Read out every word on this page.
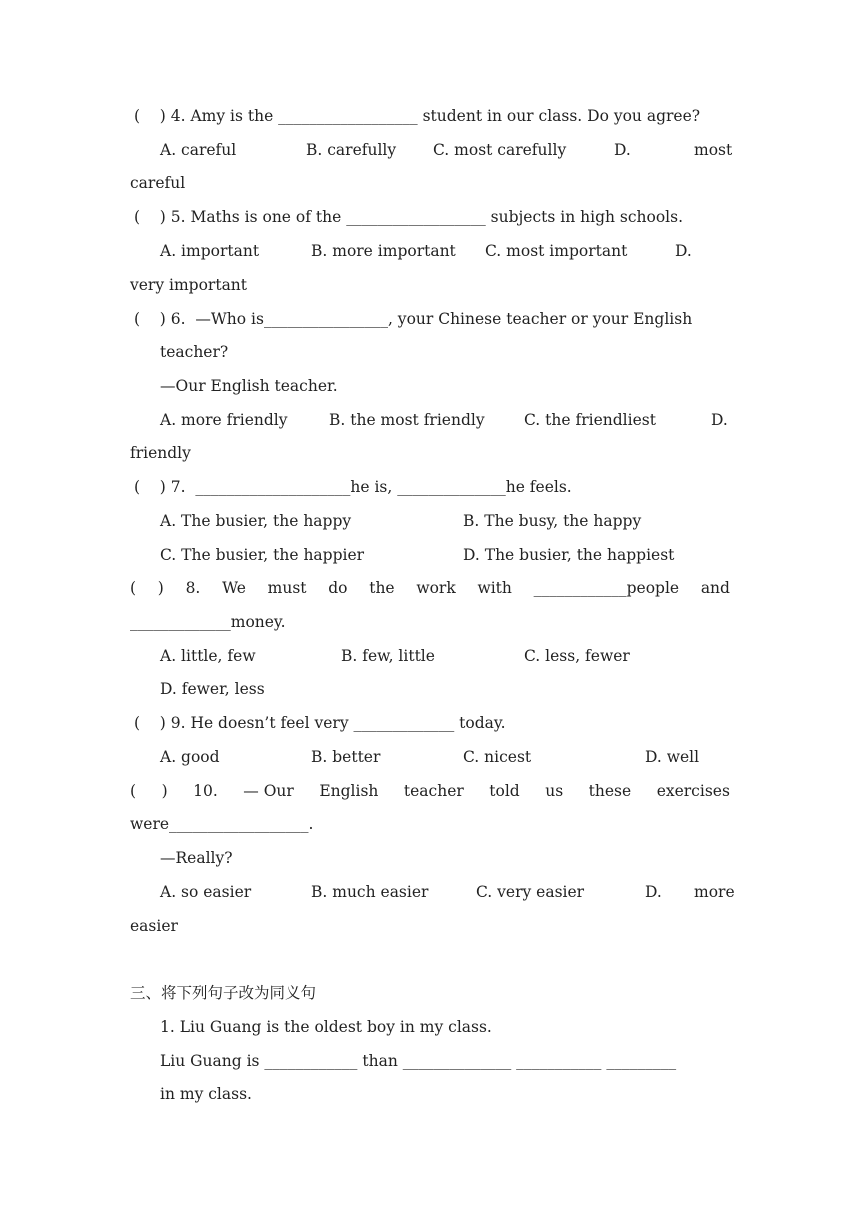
(    ) 4. Amy is the __________________ student in our class. Do you agree?
A. careful	B. carefully C. most carefully	D.	most
careful
(    ) 5. Maths is one of the __________________ subjects in high schools.
A. important	B. more important C. most important	D.
very important
(    ) 6.  —Who is________________, your Chinese teacher or your English
teacher?
—Our English teacher.
A. more friendly	B. the most friendly	C. the friendliest	D.
friendly
(    ) 7.  ____________________he is, ______________he feels.
A. The busier, the happy	B. The busy, the happy
C. The busier, the happier	D. The busier, the happiest
( ) 8. We must do the work with ____________people and
_____________money.
A. little, few	B. few, little	C. less, fewer
D. fewer, less
(    ) 9. He doesn’t feel very _____________ today.
A. good	B. better	C. nicest	D. well
( ) 10. — Our English teacher told us these exercises
were__________________.
—Really?
A. so easier	B. much easier	C. very easier	D. more
easier
三、将下列句子改为同义句
1. Liu Guang is the oldest boy in my class.
Liu Guang is ____________ than ______________ ___________ _________
in my class.
